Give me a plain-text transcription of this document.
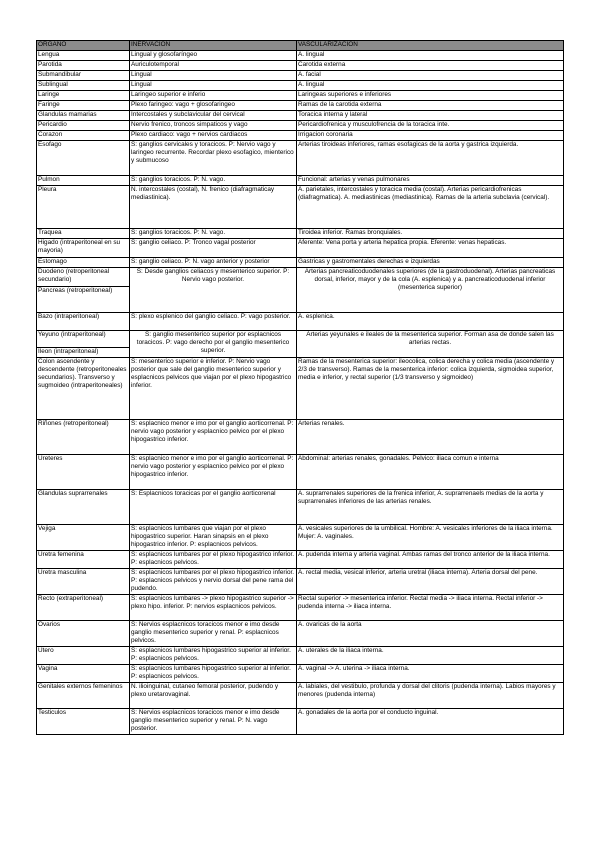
ORGANO	INERVACION	VASCULARIZACION
Lengua	Lingual y glosofaríngeo	A. lingual
Parotida	Auriculotemporal	Carotida externa
Submandibular	Lingual	A. facial
Sublingual	Lingual	A. lingual
Laringe	Laringeo superior e inferio	Laringeas superiores e inferiores
Faringe	Plexo faringeo: vago + glosofaringeo	Ramas de la carotida externa
Glandulas mamarias	Intercostales y subclavicular del cervical	Toracica interna y lateral
Pericardio	Nervio frenico, troncos simpaticos y vago	Pericardiofrenica y musculofrencia de la toracica inte.
Corazon	Plexo cardiaco: vago + nervios cardiacos	Irrigacion coronaria
Esofago	S: ganglios cervicales y toracicos. P: Nervio vago y laringeo recurrente. Recordar plexo esofagico, mienterico y submucoso	Arterias tiroideas inferiores, ramas esofagicas de la aorta y gastrica izquierda.
Pulmon	S: ganglios toracicos. P: N. vago.	Funcional: arterias y venas pulmonares
Pleura	N. intercostales (costal), N. frenico (diafragmaticay mediastinica).	A. parietales, intercostales y toracica media (costal). Arterias pericardiofrenicas (diafragmatica). A. mediastinicas (mediastinica). Ramas de la arteria subclavia (cervical).
Traquea	S: ganglios toracicos. P: N. vago.	Tiroidea inferior. Ramas bronquiales.
Higado (intraperitoneal en su mayoria)	S: ganglio celiaco. P: Tronco vagal posterior	Aferente: Vena porta y arteria hepatica propia. Eferente: venas hepaticas.
Estomago	S: ganglio celiaco. P: N. vago anterior y posterior	Gastricas y gastromentales derechas e izquierdas
Duodeno (retroperitoneal secundario)	S: Desde ganglios celiacos y mesenterico superior. P: Nervio vago posterior.	Arterias pancreaticoduodenales superiores (de la gastroduodenal). Arterias pancreaticas dorsal, inferior, mayor y de la cola (A. esplenica) y a. pancreaticoduodenal inferior (mesenterica superior)
Pancreas (retroperitoneal)		
Bazo (intraperitoneal)	S: plexo esplenico del ganglio celiaco. P: vago posterior.	A. esplenica.
Yeyuno (intraperitoneal)	S: ganglio mesenterico superior por esplacnicos toracicos. P: vago derecho por el ganglio mesenterico superior.	Arterias yeyunales e ileales de la mesenterica superior. Forman asa de donde salen las arterias rectas.
Ileon (intraperitoneal)		
Colon ascendente y descendente (retroperitoneales secundarios). Transverso y sugmoideo (intraperitoneales)	S: mesenterico superior e inferior. P: Nervio vago posterior que sale del ganglio mesenterico superior y esplacnicos pelvicos que viajan por el plexo hipogastrico inferior.	Ramas de la mesenterica superior: ileocolica, colica derecha y colica media (ascendente y 2/3 de transverso). Ramas de la mesenterica inferior: colica izquierda, sigmoidea superior, media e inferior, y rectal superior (1/3 transverso y sigmoideo)
Riñones (retroperitoneal)	S: esplacnico menor e imo por el ganglio aorticorrenal. P: nervio vago posterior y esplacnico pelvico por el plexo hipogastrico inferior.	Arterias renales.
Ureteres	S: esplacnico menor e imo por el ganglio aorticorrenal. P: nervio vago posterior y esplacnico pelvico por el plexo hipogastrico inferior.	Abdominal: arterias renales, gonadales. Pelvico: iliaca comun e interna
Glandulas suprarrenales	S: Esplacnicos toracicas por el ganglio aorticorenal	A. suprarrenales superiores de la frenica inferior, A. suprarrenaels medias de la aorta y suprarrenales inferiores de las arterias renales.
Vejiga	S: esplacnicos lumbares que viajan por el plexo hipogastrico superior. Haran sinapsis en el plexo hipogastrico inferior. P: esplacnicos pelvicos.	A. vesicales superiores de la umbilical. Hombre: A. vesicales inferiores de la iliaca interna. Mujer: A. vaginales.
Uretra femenina	S: esplacnicos lumbares por el plexo hipogastrico inferior. P: esplacnicos pelvicos.	A. pudenda interna y arteria vaginal. Ambas ramas del tronco anterior de la iliaca interna.
Uretra masculina	S: esplacnicos lumbares por el plexo hipogastrico inferior. P: esplacnicos pelvicos y nervio dorsal del pene rama del pudendo.	A. rectal media, vesical inferior, arteria uretral (iliaca interna). Arteria dorsal del pene.
Recto (extraperitoneal)	S: esplacnicos lumbares -> plexo hipogastrico superior -> plexo hipo. inferior. P: nervios esplacnicos pelvicos.	Rectal superior -> mesenterica inferior. Rectal media -> iliaca interna. Rectal inferior -> pudenda interna -> iliaca interna.
Ovarios	S: Nervios esplacnicos toracicos menor e imo desde ganglio mesenterico superior y renal. P: esplacnicos pelvicos.	A. ovaricas de la aorta
Utero	S: esplacnicos lumbares hipogastrico superior al inferior. P: esplacnicos pelvicos.	A. uterales de la iliaca interna.
Vagina	S: esplacnicos lumbares hipogastrico superior al inferior. P: esplacnicos pelvicos.	A. vaginal -> A. uterina -> iliaca interna.
Genitales externos femeninos	N. ilioinguinal, cutaneo femoral posterior, pudendo y plexo uretarovaginal.	A. labiales, del vestibulo, profunda y dorsal del clitoris (pudenda interna). Labios mayores y menores (pudenda interna)
Testiculos	S: Nervios esplacnicos toracicos menor e imo desde ganglio mesenterico superior y renal. P: N. vago posterior.	A. gonadales de la aorta por el conducto inguinal.
